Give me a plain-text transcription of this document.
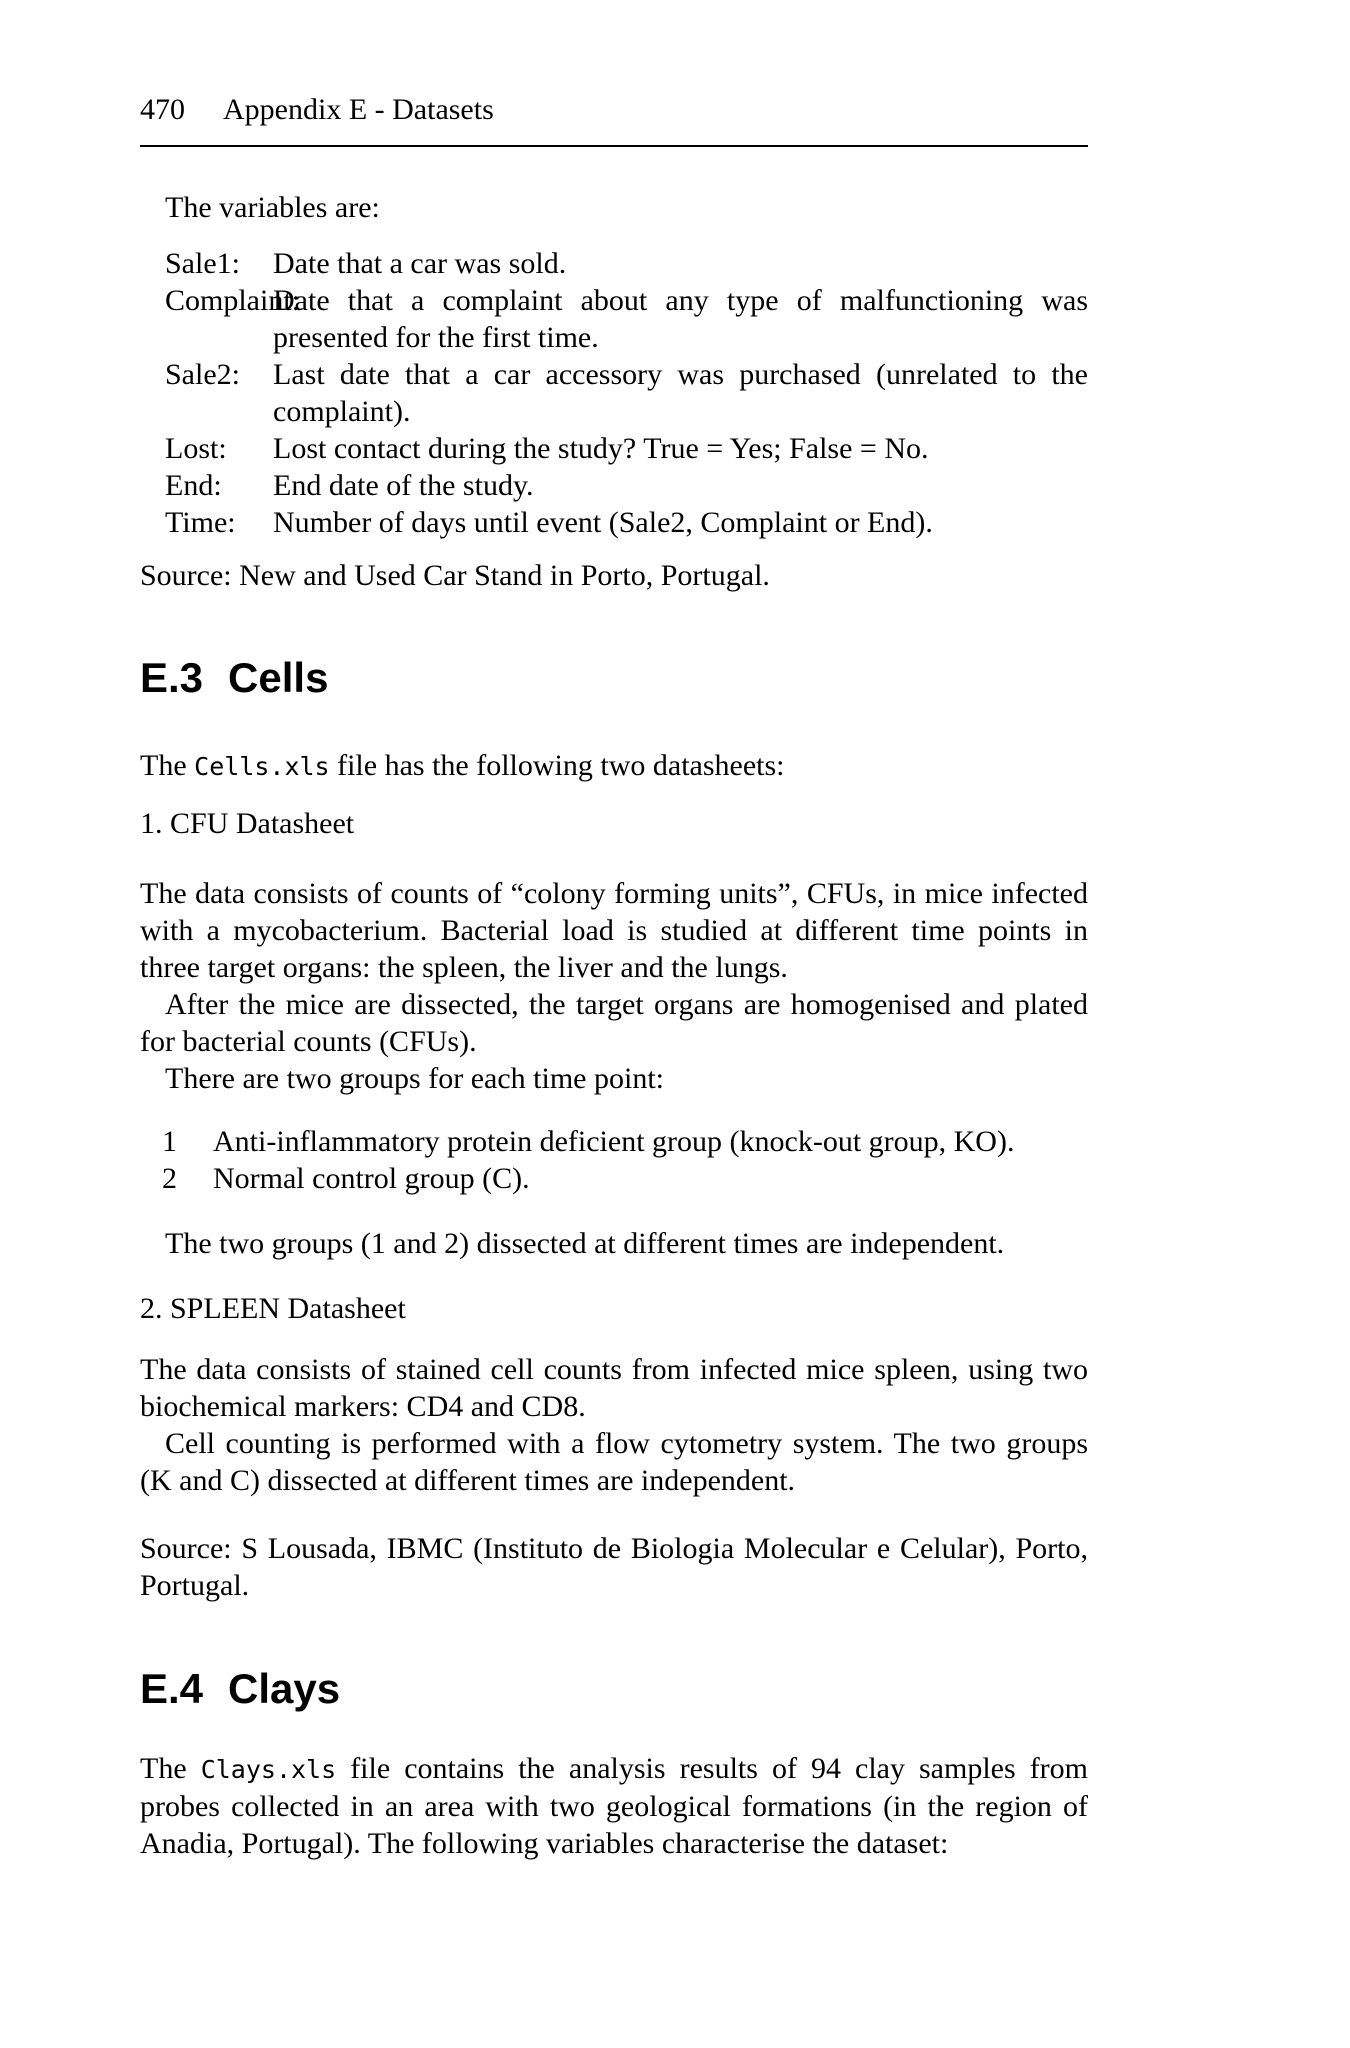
470 Appendix E - Datasets

The variables are:

Sale1:	Date that a car was sold.
Complaint:
Date that a complaint about any type of malfunctioning was presented for the first time.
Sale2:	Last date that a car accessory was purchased (unrelated to the complaint).
Lost:	Lost contact during the study? True = Yes; False = No.
End:	End date of the study.
Time:	Number of days until event (Sale2, Complaint or End).

Source: New and Used Car Stand in Porto, Portugal.

E.3 Cells

The Cells.xls file has the following two datasheets:

1. CFU Datasheet

The data consists of counts of “colony forming units”, CFUs, in mice infected with a mycobacterium. Bacterial load is studied at different time points in three target organs: the spleen, the liver and the lungs.

After the mice are dissected, the target organs are homogenised and plated for bacterial counts (CFUs).

There are two groups for each time point:

1	Anti-inflammatory protein deficient group (knock-out group, KO).
2	Normal control group (C).

The two groups (1 and 2) dissected at different times are independent.

2. SPLEEN Datasheet

The data consists of stained cell counts from infected mice spleen, using two biochemical markers: CD4 and CD8.

Cell counting is performed with a flow cytometry system. The two groups (K and C) dissected at different times are independent.

Source: S Lousada, IBMC (Instituto de Biologia Molecular e Celular), Porto, Portugal.

E.4 Clays

The Clays.xls file contains the analysis results of 94 clay samples from probes collected in an area with two geological formations (in the region of Anadia, Portugal). The following variables characterise the dataset:
